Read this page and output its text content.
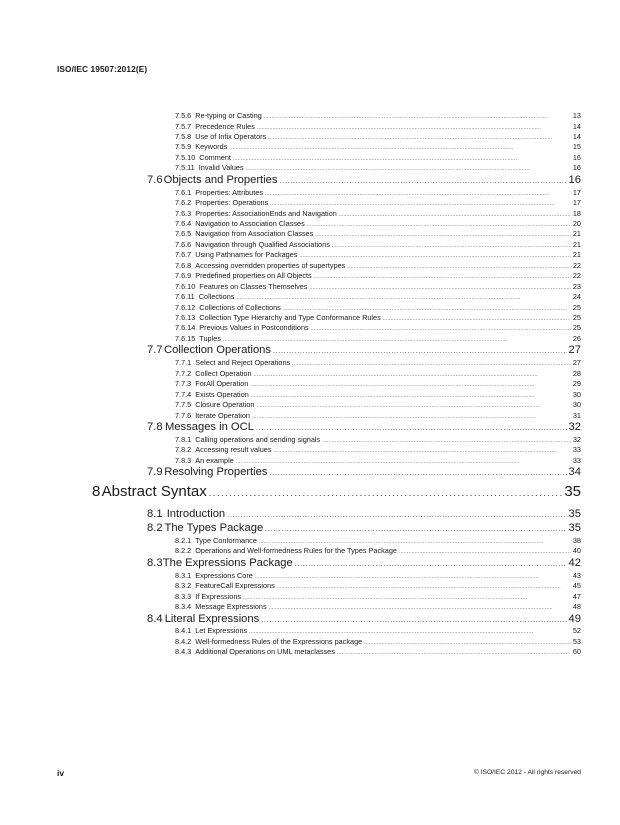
ISO/IEC 19507:2012(E)
7.5.6 Re-typing or Casting . . .	13
7.5.7 Precedence Rules . . .	14
7.5.8 Use of Infix Operators . . .	14
7.5.9 Keywords . . .	15
7.5.10 Comment . . .	16
7.5.11 Invalid Values . . .	16
7.6 Objects and Properties . . .	16
7.6.1 Properties: Attributes . . .	17
7.6.2 Properties: Operations . . .	17
7.6.3 Properties: AssociationEnds and Navigation . . .	18
7.6.4 Navigation to Association Classes . . .	20
7.6.5 Navigation from Association Classes . . .	21
7.6.6 Navigation through Qualified Associations . . .	21
7.6.7 Using Pathnames for Packages . . .	21
7.6.8 Accessing overridden properties of supertypes . . .	22
7.6.9 Predefined properties on All Objects . . .	22
7.6.10 Features on Classes Themselves . . .	23
7.6.11 Collections . . .	24
7.6.12 Collections of Collections . . .	25
7.6.13 Collection Type Hierarchy and Type Conformance Rules . . .	25
7.6.14 Previous Values in Postconditions . . .	25
7.6.15 Tuples . . .	26
7.7 Collection Operations . . .	27
7.7.1 Select and Reject Operations . . .	27
7.7.2 Collect Operation . . .	28
7.7.3 ForAll Operation . . .	29
7.7.4 Exists Operation . . .	30
7.7.5 Closure Operation . . .	30
7.7.6 Iterate Operation . . .	31
7.8 Messages in OCL . . .	32
7.8.1 Calling operations and sending signals . . .	32
7.8.2 Accessing result values . . .	33
7.8.3 An example . . .	33
7.9 Resolving Properties . . .	34
8 Abstract Syntax . . .	35
8.1 Introduction . . .	35
8.2 The Types Package . . .	35
8.2.1 Type Conformance . . .	38
8.2.2 Operations and Well-formedness Rules for the Types Package . . .	40
8.3 The Expressions Package . . .	42
8.3.1 Expressions Core . . .	43
8.3.2 FeatureCall Expressions . . .	45
8.3.3 If Expressions . . .	47
8.3.4 Message Expressions . . .	48
8.4 Literal Expressions . . .	49
8.4.1 Let Expressions . . .	52
8.4.2 Well-formedness Rules of the Expressions package . . .	53
8.4.3 Additional Operations on UML metaclasses . . .	60
iv	© ISO/IEC 2012 - All rights reserved
